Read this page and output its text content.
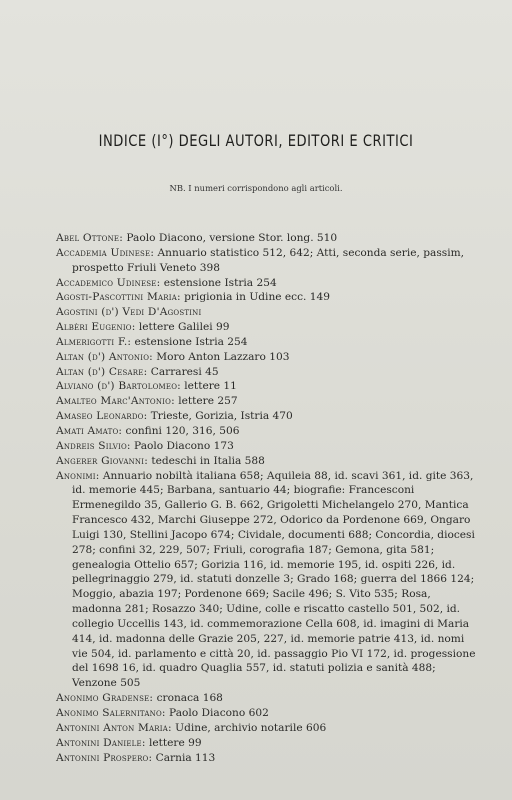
INDICE (I°) DEGLI AUTORI, EDITORI E CRITICI
NB. I numeri corrispondono agli articoli.
Abel Ottone: Paolo Diacono, versione Stor. long. 510
Accademia Udinese: Annuario statistico 512, 642; Atti, seconda serie, passim, prospetto Friuli Veneto 398
Accademico Udinese: estensione Istria 254
Agosti-Pascottini Maria: prigionia in Udine ecc. 149
Agostini (d') Vedi D'Agostini
Albèri Eugenio: lettere Galilei 99
Almerigotti F.: estensione Istria 254
Altan (d') Antonio: Moro Anton Lazzaro 103
Altan (d') Cesare: Carraresi 45
Alviano (d') Bartolomeo: lettere 11
Amalteo Marc'Antonio: lettere 257
Amaseo Leonardo: Trieste, Gorizia, Istria 470
Amati Amato: confini 120, 316, 506
Andreis Silvio: Paolo Diacono 173
Angerer Giovanni: tedeschi in Italia 588
Anonimi: Annuario nobiltà italiana 658; Aquileia 88, id. scavi 361, id. gite 363, id. memorie 445; Barbana, santuario 44; biografie: Francesconi Ermenegildo 35, Gallerio G. B. 662, Grigoletti Michelangelo 270, Mantica Francesco 432, Marchi Giuseppe 272, Odorico da Pordenone 669, Ongaro Luigi 130, Stellini Jacopo 674; Cividale, documenti 688; Concordia, diocesi 278; confini 32, 229, 507; Friuli, corografia 187; Gemona, gita 581; genealogia Ottelio 657; Gorizia 116, id. memorie 195, id. ospiti 226, id. pellegrinaggio 279, id. statuti donzelle 3; Grado 168; guerra del 1866 124; Moggio, abazia 197; Pordenone 669; Sacile 496; S. Vito 535; Rosa, madonna 281; Rosazzo 340; Udine, colle e riscatto castello 501, 502, id. collegio Uccellis 143, id. commemorazione Cella 608, id. imagini di Maria 414, id. madonna delle Grazie 205, 227, id. memorie patrie 413, id. nomi vie 504, id. parlamento e città 20, id. passaggio Pio VI 172, id. progessione del 1698 16, id. quadro Quaglia 557, id. statuti polizia e sanità 488; Venzone 505
Anonimo Gradense: cronaca 168
Anonimo Salernitano: Paolo Diacono 602
Antonini Anton Maria: Udine, archivio notarile 606
Antonini Daniele: lettere 99
Antonini Prospero: Carnia 113
